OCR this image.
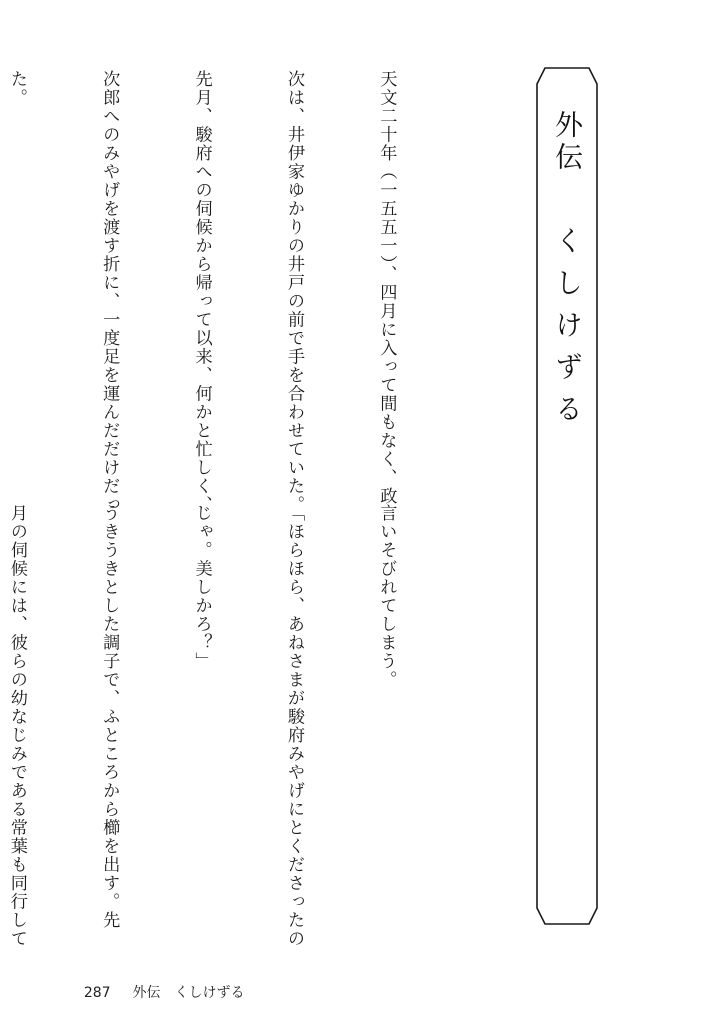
外伝くしけずる

天文二十年（一五五一）、四月に入って間もなく、政

次は、井伊家ゆかりの井戸の前で手を合わせていた。

先月、駿府への伺候から帰って以来、何かと忙しく、

次郎へのみやげを渡す折に、一度足を運んだだけだっ

た。

言いそびれてしまう。

「ほらほら、あねさまが駿府みやげにとくださったの

じゃ。美しかろ？」

うきうきとした調子で、ふところから櫛を出す。先

月の伺候には、彼らの幼なじみである常葉も同行して

287 外伝　くしけずる
